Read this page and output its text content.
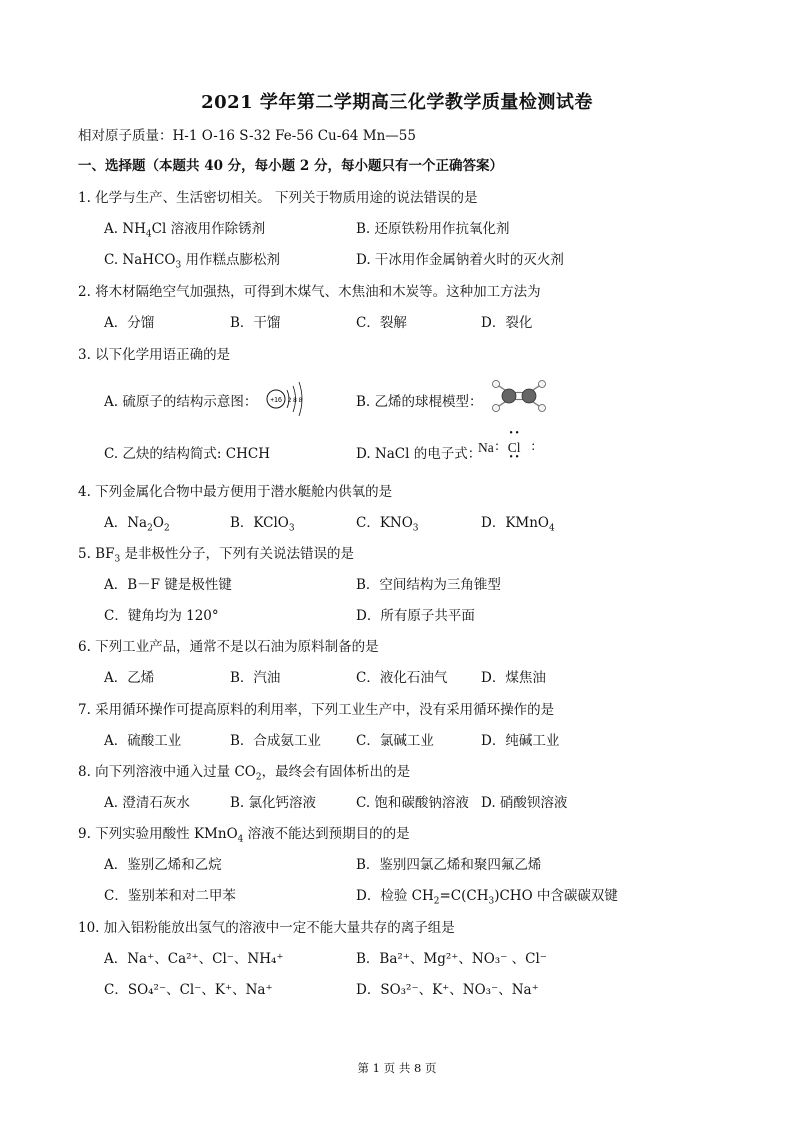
2021 学年第二学期高三化学教学质量检测试卷
相对原子质量：H-1 O-16 S-32 Fe-56 Cu-64 Mn—55
一、选择题（本题共 40 分，每小题 2 分，每小题只有一个正确答案）
1. 化学与生产、生活密切相关。 下列关于物质用途的说法错误的是
A. $NH_4Cl$ 溶液用作除锈剂	B. 还原铁粉用作抗氧化剂
C. NaHCO$_3$ 用作糕点膨松剂	D. 干冰用作金属钠着火时的灭火剂
2. 将木材隔绝空气加强热，可得到木煤气、木焦油和木炭等。这种加工方法为
A．分馏	B．干馏	C．裂解	D．裂化
3. 以下化学用语正确的是
A. 硫原子的结构示意图： +16 2 8 8	B. 乙烯的球棍模型：
C. 乙炔的结构简式: CHCH	D. NaCl 的电子式：
Na
• •
: Cl :
• •
4. 下列金属化合物中最方便用于潜水艇舱内供氧的是
A．$Na_2O_2$	B．KClO$_3$	C．$KNO_3$	D．KMnO$_4$
5. $BF_3$ 是非极性分子，下列有关说法错误的是
A．B－F 键是极性键	B．空间结构为三角锥型
C．键角均为 120°	D．所有原子共平面
6. 下列工业产品，通常不是以石油为原料制备的是
A．乙烯	B．汽油	C．液化石油气 D．煤焦油
7. 采用循环操作可提高原料的利用率，下列工业生产中，没有采用循环操作的是
A．硫酸工业	B．合成氨工业	C．氯碱工业	D．纯碱工业
8. 向下列溶液中通入过量 $CO_2$，最终会有固体析出的是
A. 澄清石灰水	B. 氯化钙溶液	C. 饱和碳酸钠溶液 D. 硝酸钡溶液
9. 下列实验用酸性 KMnO$_4$ 溶液不能达到预期目的的是
A．鉴别乙烯和乙烷	B．鉴别四氯乙烯和聚四氟乙烯
C．鉴别苯和对二甲苯	D．检验 $CH_2=C(CH_3)CHO$ 中含碳碳双键
10. 加入铝粉能放出氢气的溶液中一定不能大量共存的离子组是
A．Na⁺、Ca²⁺、Cl⁻、NH₄⁺	B．Ba²⁺、Mg²⁺、NO₃⁻ 、Cl⁻
C．SO₄²⁻、Cl⁻、K⁺、Na⁺	D．SO₃²⁻、K⁺、NO₃⁻、Na⁺
第 1 页 共 8 页
